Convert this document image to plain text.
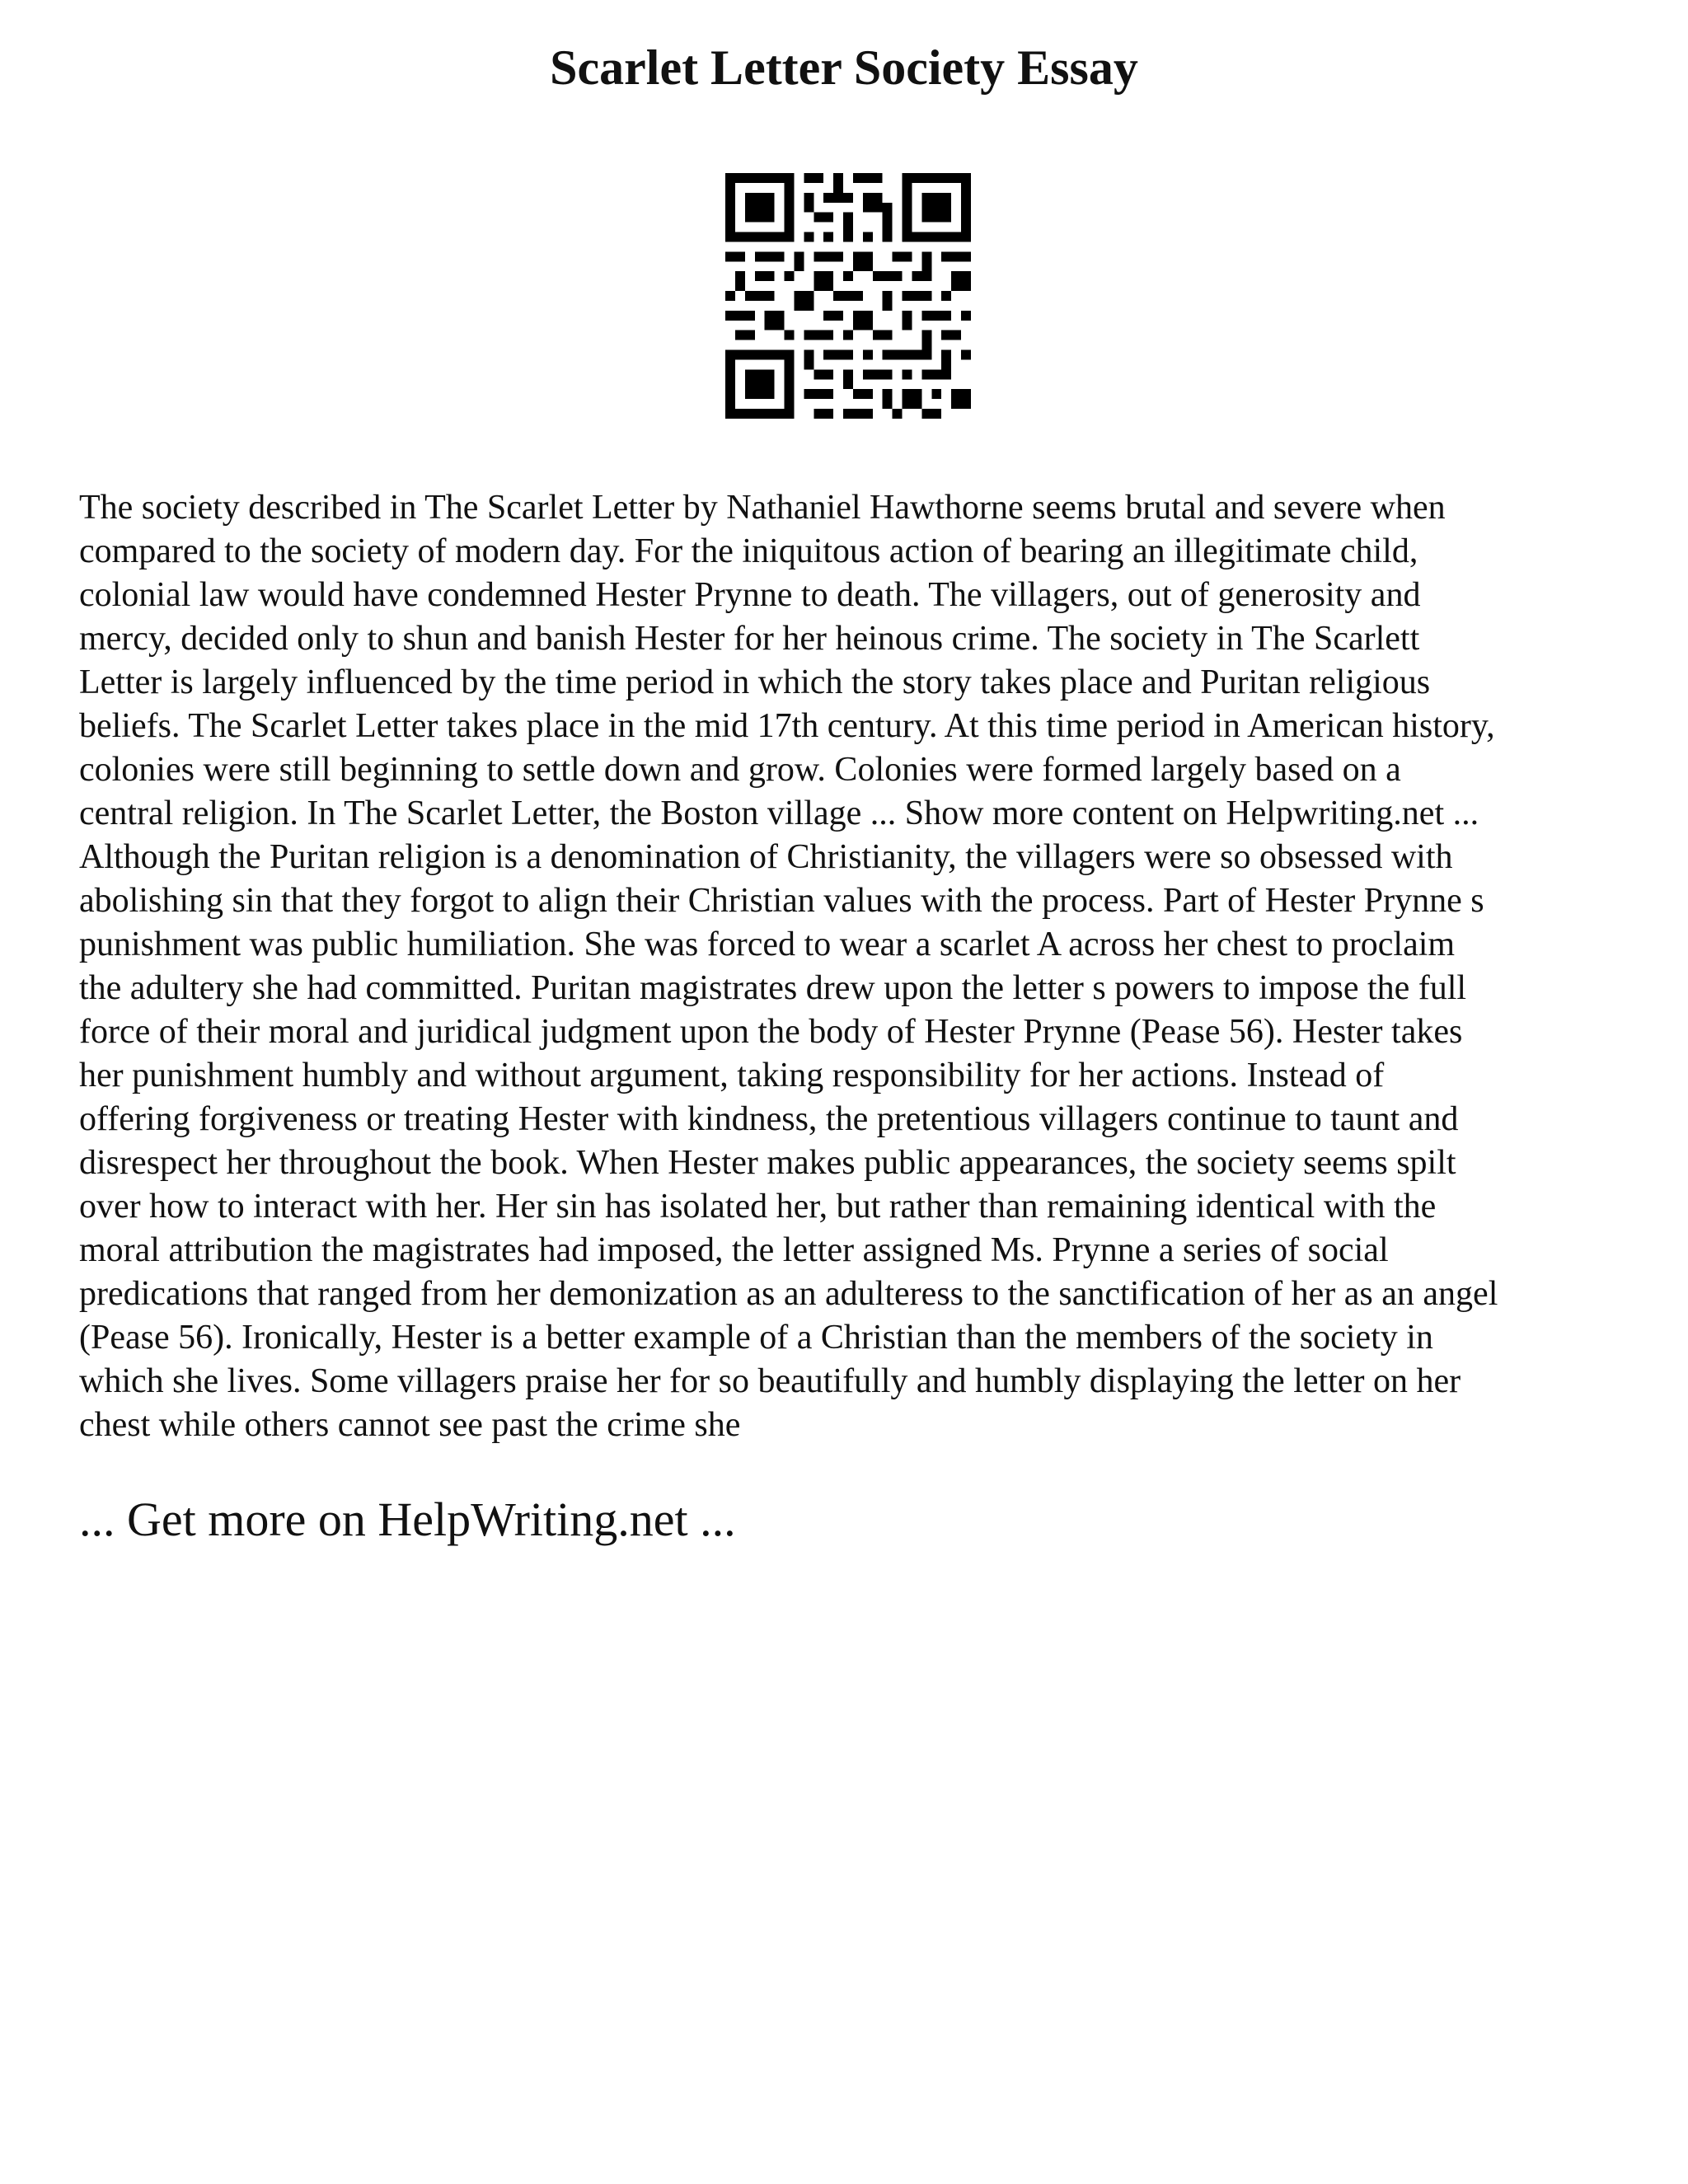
Scarlet Letter Society Essay
The society described in The Scarlet Letter by Nathaniel Hawthorne seems brutal and severe when
compared to the society of modern day. For the iniquitous action of bearing an illegitimate child,
colonial law would have condemned Hester Prynne to death. The villagers, out of generosity and
mercy, decided only to shun and banish Hester for her heinous crime. The society in The Scarlett
Letter is largely influenced by the time period in which the story takes place and Puritan religious
beliefs. The Scarlet Letter takes place in the mid 17th century. At this time period in American history,
colonies were still beginning to settle down and grow. Colonies were formed largely based on a
central religion. In The Scarlet Letter, the Boston village ... Show more content on Helpwriting.net ...
Although the Puritan religion is a denomination of Christianity, the villagers were so obsessed with
abolishing sin that they forgot to align their Christian values with the process. Part of Hester Prynne s
punishment was public humiliation. She was forced to wear a scarlet A across her chest to proclaim
the adultery she had committed. Puritan magistrates drew upon the letter s powers to impose the full
force of their moral and juridical judgment upon the body of Hester Prynne (Pease 56). Hester takes
her punishment humbly and without argument, taking responsibility for her actions. Instead of
offering forgiveness or treating Hester with kindness, the pretentious villagers continue to taunt and
disrespect her throughout the book. When Hester makes public appearances, the society seems spilt
over how to interact with her. Her sin has isolated her, but rather than remaining identical with the
moral attribution the magistrates had imposed, the letter assigned Ms. Prynne a series of social
predications that ranged from her demonization as an adulteress to the sanctification of her as an angel
(Pease 56). Ironically, Hester is a better example of a Christian than the members of the society in
which she lives. Some villagers praise her for so beautifully and humbly displaying the letter on her
chest while others cannot see past the crime she

... Get more on HelpWriting.net ...
